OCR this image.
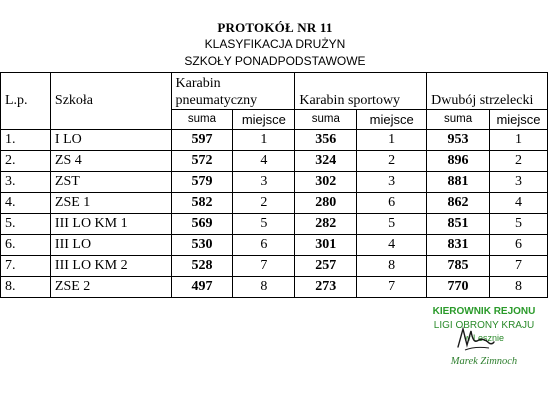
PROTOKÓŁ NR 11
KLASYFIKACJA DRUŻYN
SZKOŁY PONADPODSTAWOWE
L.p.	Szkoła	Karabin pneumatyczny		Karabin sportowy		Dwubój strzelecki	
		suma	miejsce	suma	miejsce	suma	miejsce
1.	I LO	597	1	356	1	953	1
2.	ZS 4	572	4	324	2	896	2
3.	ZST	579	3	302	3	881	3
4.	ZSE 1	582	2	280	6	862	4
5.	III LO KM 1	569	5	282	5	851	5
6.	III LO	530	6	301	4	831	6
7.	III LO KM 2	528	7	257	8	785	7
8.	ZSE 2	497	8	273	7	770	8
KIEROWNIK REJONU
LIGI OBRONY KRAJU
w Lesznie
Marek Zimnoch
